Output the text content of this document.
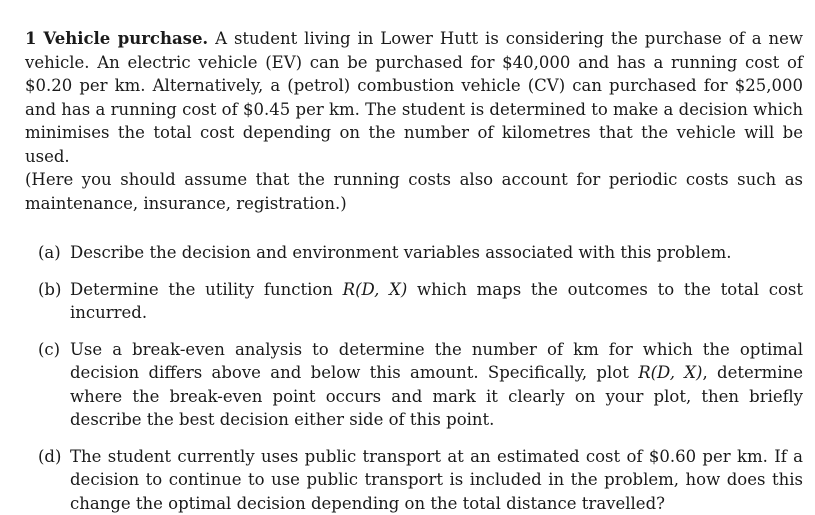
1 Vehicle purchase. A student living in Lower Hutt is considering the purchase of a new vehicle. An electric vehicle (EV) can be purchased for $40,000 and has a running cost of $0.20 per km. Alternatively, a (petrol) combustion vehicle (CV) can purchased for $25,000 and has a running cost of $0.45 per km. The student is determined to make a decision which minimises the total cost depending on the number of kilometres that the vehicle will be used.

(Here you should assume that the running costs also account for periodic costs such as maintenance, insurance, registration.)

(a) Describe the decision and environment variables associated with this problem.
(b) Determine the utility function R(D, X) which maps the outcomes to the total cost incurred.
(c) Use a break-even analysis to determine the number of km for which the optimal decision differs above and below this amount. Specifically, plot R(D, X), determine where the break-even point occurs and mark it clearly on your plot, then briefly describe the best decision either side of this point.
(d) The student currently uses public transport at an estimated cost of $0.60 per km. If a decision to continue to use public transport is included in the problem, how does this change the optimal decision depending on the total distance travelled?
